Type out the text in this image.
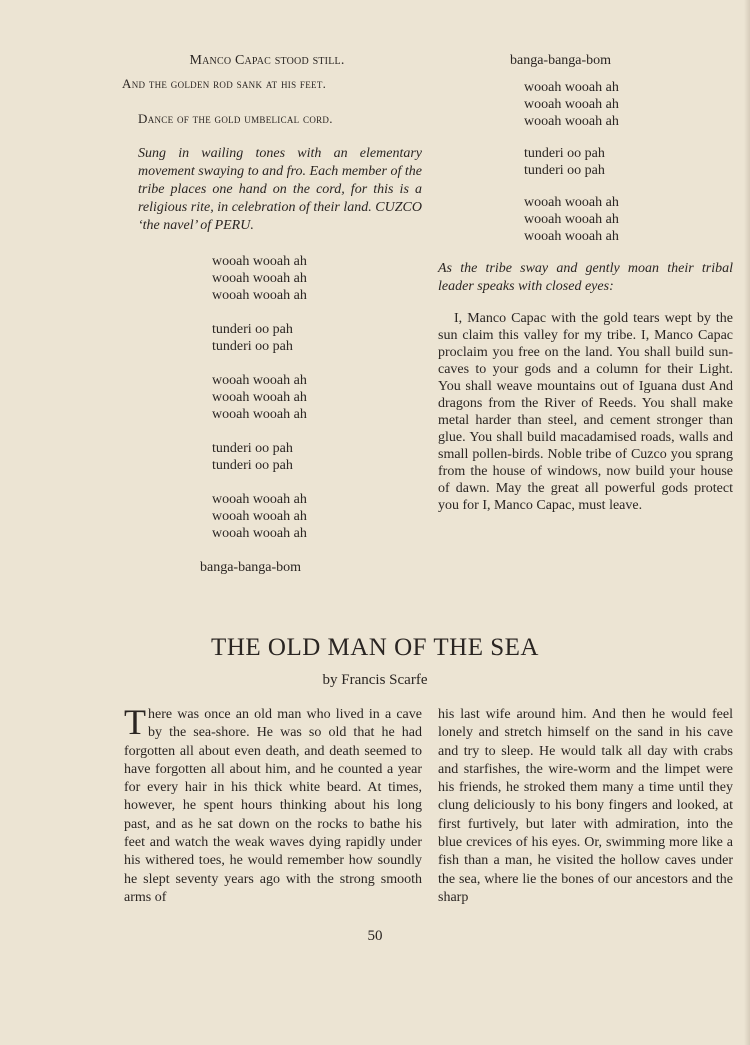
Manco Capac stood still.

And the golden rod sank at his feet.

Dance of the gold umbelical cord.

Sung in wailing tones with an elementary movement swaying to and fro. Each member of the tribe places one hand on the cord, for this is a religious rite, in celebration of their land. CUZCO ‘the navel’ of PERU.

wooah wooah ah

wooah wooah ah

wooah wooah ah

tunderi oo pah

tunderi oo pah

wooah wooah ah

wooah wooah ah

wooah wooah ah

tunderi oo pah

tunderi oo pah

wooah wooah ah

wooah wooah ah

wooah wooah ah

banga-banga-bom

banga-banga-bom

wooah wooah ah

wooah wooah ah

wooah wooah ah

tunderi oo pah

tunderi oo pah

wooah wooah ah

wooah wooah ah

wooah wooah ah

As the tribe sway and gently moan their tribal leader speaks with closed eyes:

I, Manco Capac with the gold tears wept by the sun claim this valley for my tribe. I, Manco Capac proclaim you free on the land. You shall build sun-caves to your gods and a column for their Light. You shall weave mountains out of Iguana dust And dragons from the River of Reeds. You shall make metal harder than steel, and cement stronger than glue. You shall build macadamised roads, walls and small pollen-birds. Noble tribe of Cuzco you sprang from the house of windows, now build your house of dawn. May the great all powerful gods protect you for I, Manco Capac, must leave.

THE OLD MAN OF THE SEA

by Francis Scarfe

There was once an old man who lived in a cave by the sea-shore. He was so old that he had forgotten all about even death, and death seemed to have forgotten all about him, and he counted a year for every hair in his thick white beard. At times, however, he spent hours thinking about his long past, and as he sat down on the rocks to bathe his feet and watch the weak waves dying rapidly under his withered toes, he would remember how soundly he slept seventy years ago with the strong smooth arms of

his last wife around him. And then he would feel lonely and stretch himself on the sand in his cave and try to sleep. He would talk all day with crabs and starfishes, the wire-worm and the limpet were his friends, he stroked them many a time until they clung deliciously to his bony fingers and looked, at first furtively, but later with admiration, into the blue crevices of his eyes. Or, swimming more like a fish than a man, he visited the hollow caves under the sea, where lie the bones of our ancestors and the sharp

50
